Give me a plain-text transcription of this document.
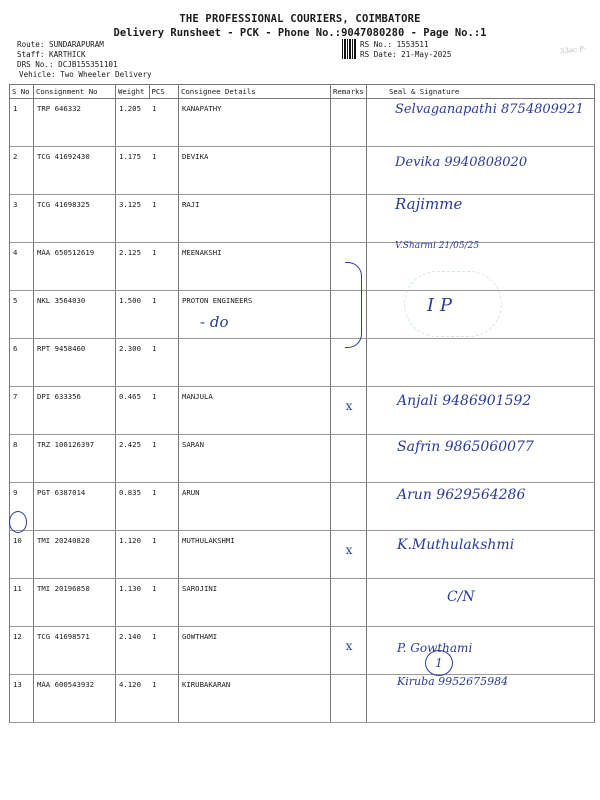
THE PROFESSIONAL COURIERS, COIMBATORE
Delivery Runsheet - PCK - Phone No.:9047080280 - Page No.:1
Route: SUNDARAPURAM
Staff: KARTHICK
DRS No.: DCJB155351101
Vehicle: Two Wheeler Delivery
RS No.: 1553511
RS Date: 21-May-2025	33ac P-
S No	Consignment No	Weight	PCS	Consignee Details	Remarks	Seal & Signature
1	TRP 646332	1.205	1	KANAPATHY		Selvaganapathi 8754809921

2	TCG 41692430	1.175	1	DEVIKA		Devika 9940808020

3	TCG 41698325	3.125	1	RAJI		Rajimme

4	MAA 650512619	2.125	1	MEENAKSHI		V.Sharmi 21/05/25

5	NKL 3564030	1.500	1	PROTON ENGINEERS		I P

6	RPT 9458460	2.300	1			

7	DPI 633356	0.465	1	MANJULA	x	Anjali 9486901592

8	TRZ 100126397	2.425	1	SARAN		Safrin 9865060077

9	PGT 6387014	0.835	1	ARUN		Arun 9629564286

10	TMI 20240820	1.120	1	MUTHULAKSHMI	x	K.Muthulakshmi

11	TMI 20196850	1.130	1	SAROJINI		C/N

12	TCG 41698571	2.140	1	GOWTHAMI	x	P. Gowthami

13	MAA 600543932	4.120	1	KIRUBAKARAN		Kiruba 9952675984
- do
1
